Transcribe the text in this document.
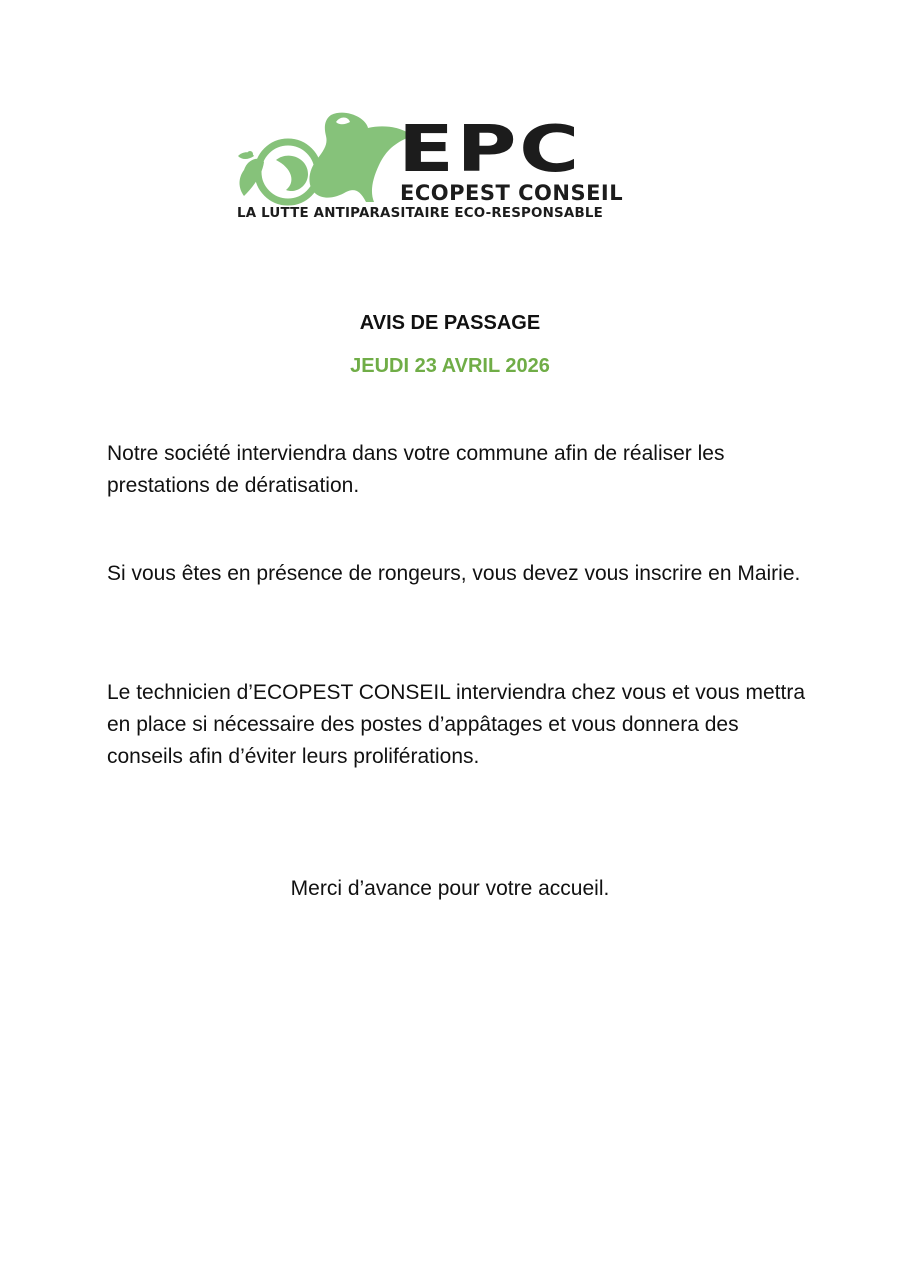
EPC
ECOPEST CONSEIL
LA LUTTE ANTIPARASITAIRE ECO-RESPONSABLE
AVIS DE PASSAGE
JEUDI 23 AVRIL 2026

Notre société interviendra dans votre commune afin de réaliser les prestations de dératisation.

Si vous êtes en présence de rongeurs, vous devez vous inscrire en Mairie.

Le technicien d’ECOPEST CONSEIL interviendra chez vous et vous mettra en place si nécessaire des postes d’appâtages et vous donnera des conseils afin d’éviter leurs proliférations.

Merci d’avance pour votre accueil.
